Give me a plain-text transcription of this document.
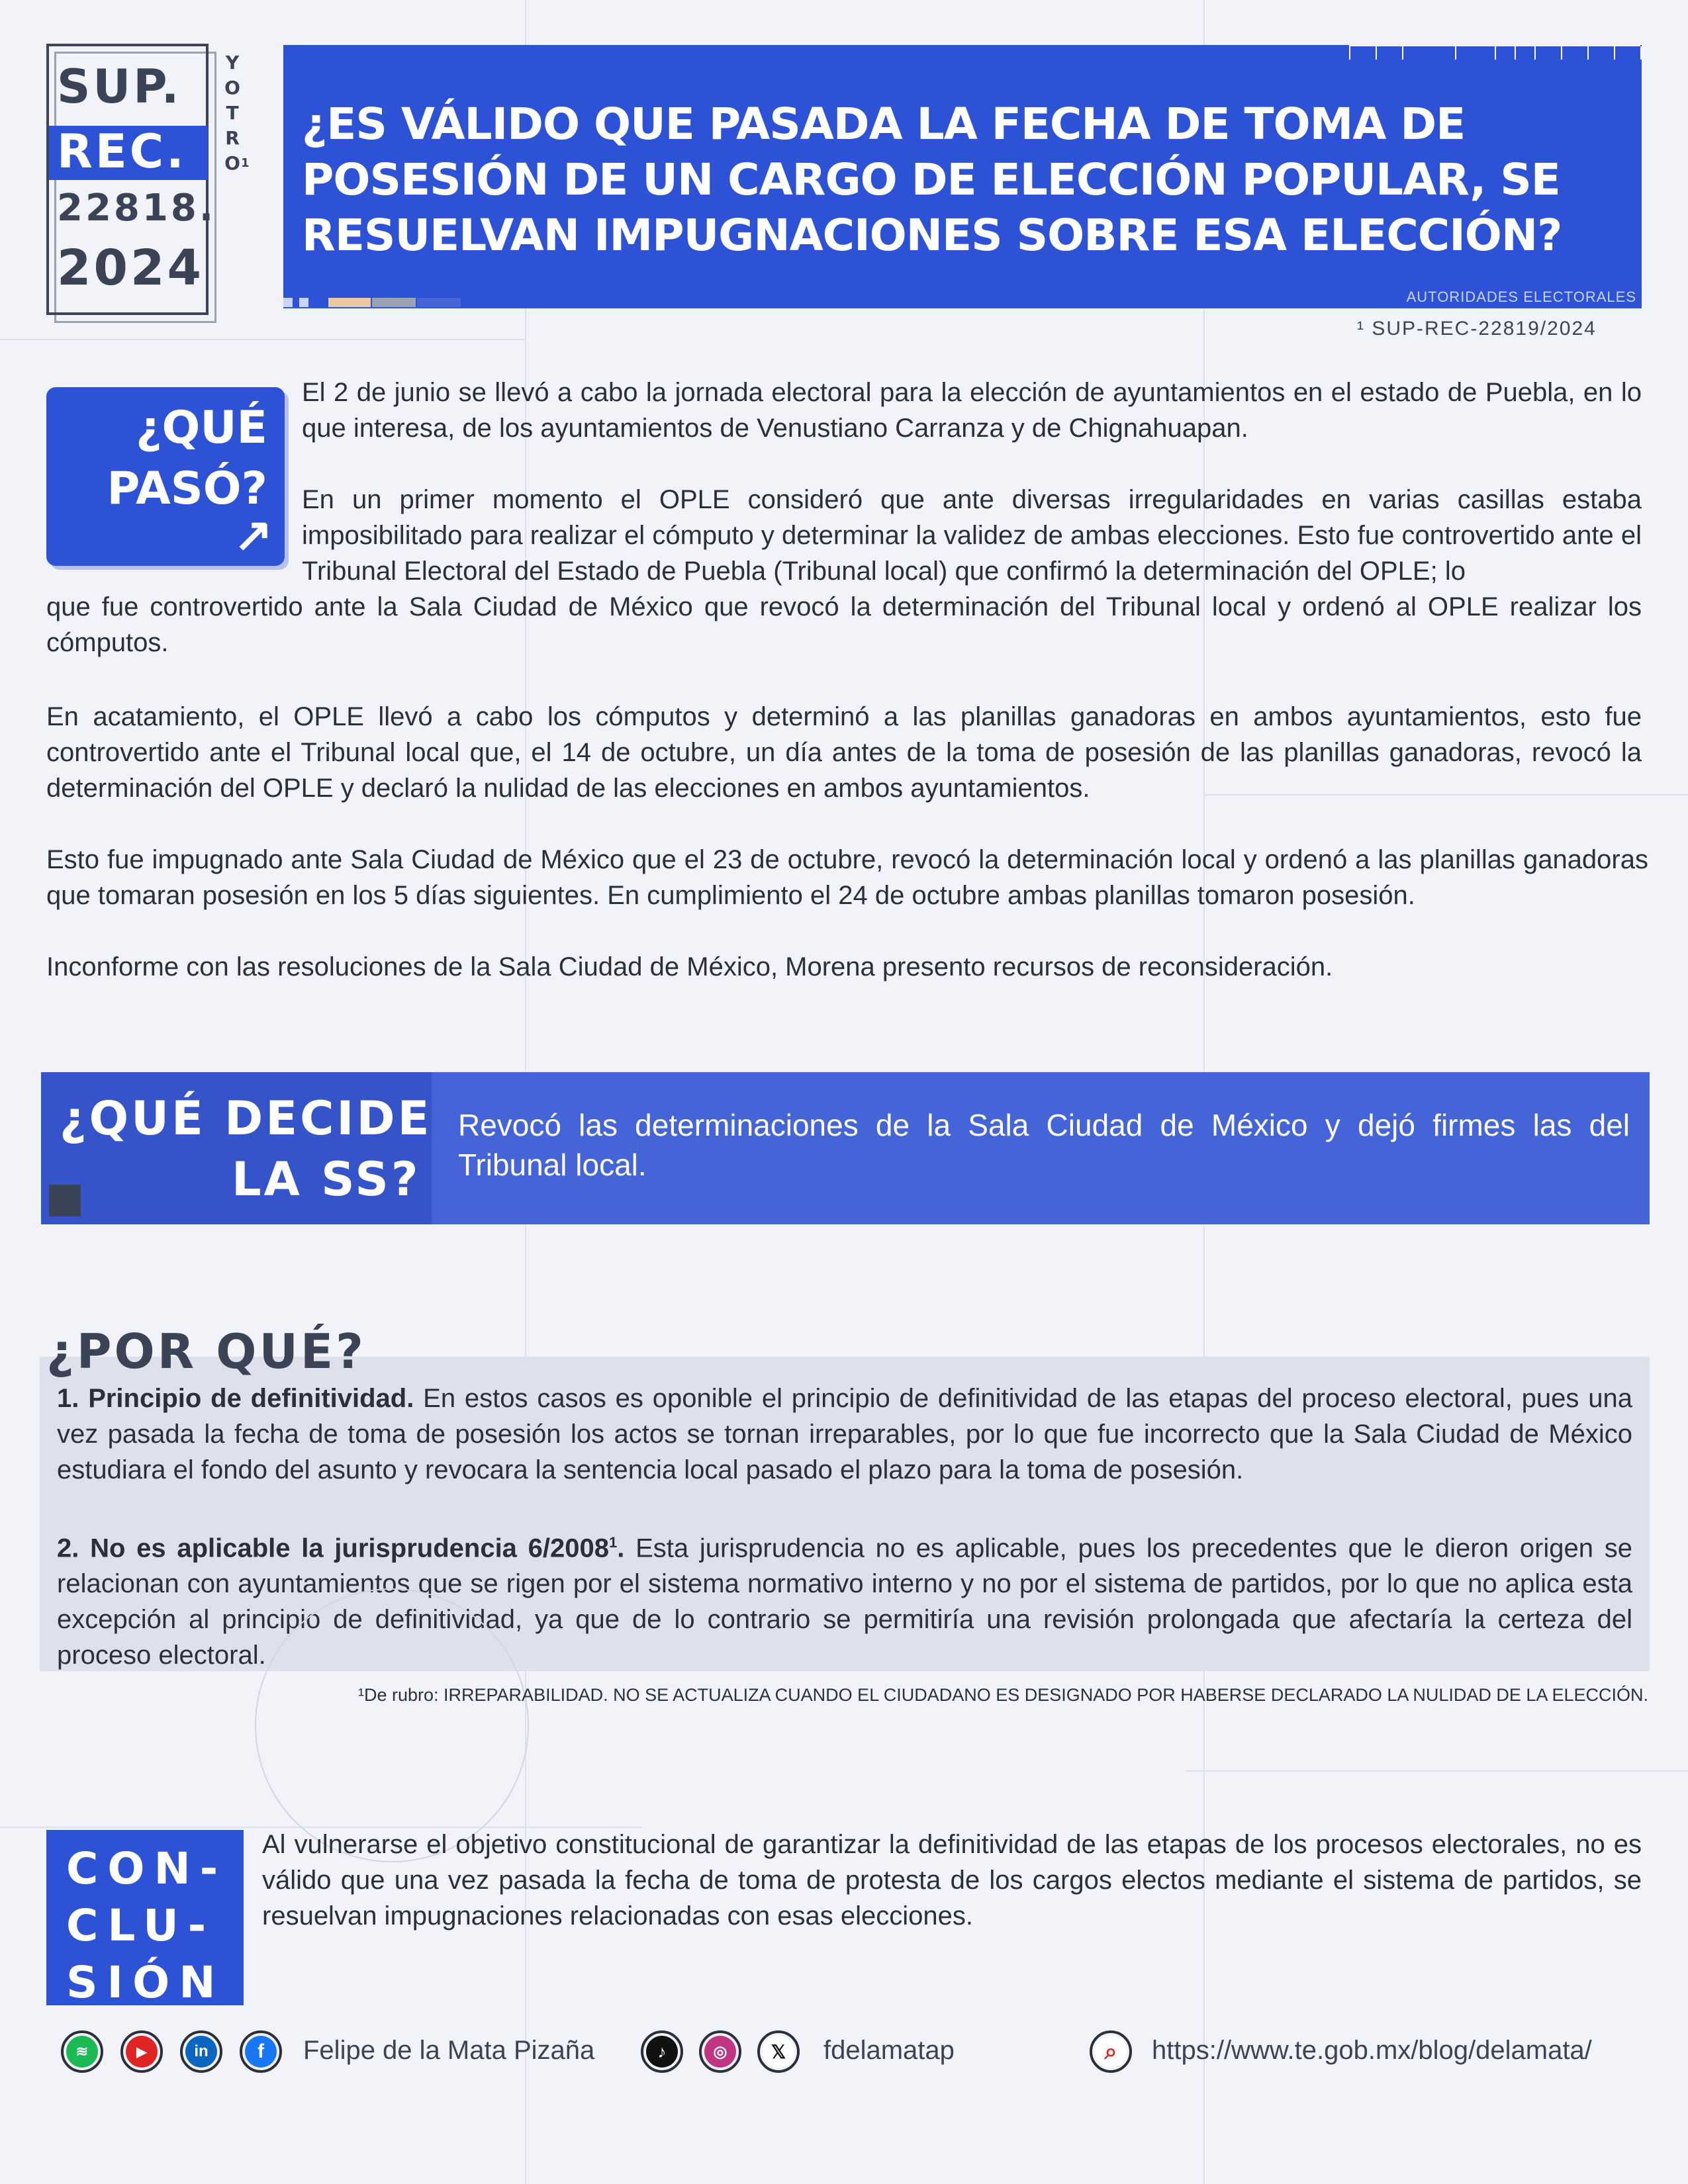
SUP.
REC.
22818.
2024
Y
O
T
R
O 1
¿ES VÁLIDO QUE PASADA LA FECHA DE TOMA DE POSESIÓN DE UN CARGO DE ELECCIÓN POPULAR, SE RESUELVAN IMPUGNACIONES SOBRE ESA ELECCIÓN?
AUTORIDADES ELECTORALES
¹ SUP-REC-22819/2024
¿QUÉ
PASÓ?
↗
El 2 de junio se llevó a cabo la jornada electoral para la elección de ayuntamientos en el estado de Puebla, en lo que interesa, de los ayuntamientos de Venustiano Carranza y de Chignahuapan.
En un primer momento el OPLE consideró que ante diversas irregularidades en varias casillas estaba imposibilitado para realizar el cómputo y determinar la validez de ambas elecciones. Esto fue controvertido ante el Tribunal Electoral del Estado de Puebla (Tribunal local) que confirmó la determinación del OPLE; lo
que fue controvertido ante la Sala Ciudad de México que revocó la determinación del Tribunal local y ordenó al OPLE realizar los cómputos.
En acatamiento, el OPLE llevó a cabo los cómputos y determinó a las planillas ganadoras en ambos ayuntamientos, esto fue controvertido ante el Tribunal local que, el 14 de octubre, un día antes de la toma de posesión de las planillas ganadoras, revocó la determinación del OPLE y declaró la nulidad de las elecciones en ambos ayuntamientos.
Esto fue impugnado ante Sala Ciudad de México que el 23 de octubre, revocó la determinación local y ordenó a las planillas ganadoras que tomaran posesión en los 5 días siguientes. En cumplimiento el 24 de octubre ambas planillas tomaron posesión.
Inconforme con las resoluciones de la Sala Ciudad de México, Morena presento recursos de reconsideración.
¿QUÉ DECIDE
LA SS?
Revocó las determinaciones de la Sala Ciudad de México y dejó firmes las del Tribunal local.
1. Principio de definitividad. En estos casos es oponible el principio de definitividad de las etapas del proceso electoral, pues una vez pasada la fecha de toma de posesión los actos se tornan irreparables, por lo que fue incorrecto que la Sala Ciudad de México estudiara el fondo del asunto y revocara la sentencia local pasado el plazo para la toma de posesión.
2. No es aplicable la jurisprudencia 6/2008$^1$. Esta jurisprudencia no es aplicable, pues los precedentes que le dieron origen se relacionan con ayuntamientos que se rigen por el sistema normativo interno y no por el sistema de partidos, por lo que no aplica esta excepción al principio de definitividad, ya que de lo contrario se permitiría una revisión prolongada que afectaría la certeza del proceso electoral.
¿POR QUÉ?
¹De rubro: IRREPARABILIDAD. NO SE ACTUALIZA CUANDO EL CIUDADANO ES DESIGNADO POR HABERSE DECLARADO LA NULIDAD DE LA ELECCIÓN.
CON-
CLU-
SIÓN
Al vulnerarse el objetivo constitucional de garantizar la definitividad de las etapas de los procesos electorales, no es válido que una vez pasada la fecha de toma de protesta de los cargos electos mediante el sistema de partidos, se resuelvan impugnaciones relacionadas con esas elecciones.
≋	▶	in	f	Felipe de la Mata Pizaña	♪	◎	𝕏	fdelamatap	⌕	https://www.te.gob.mx/blog/delamata/
